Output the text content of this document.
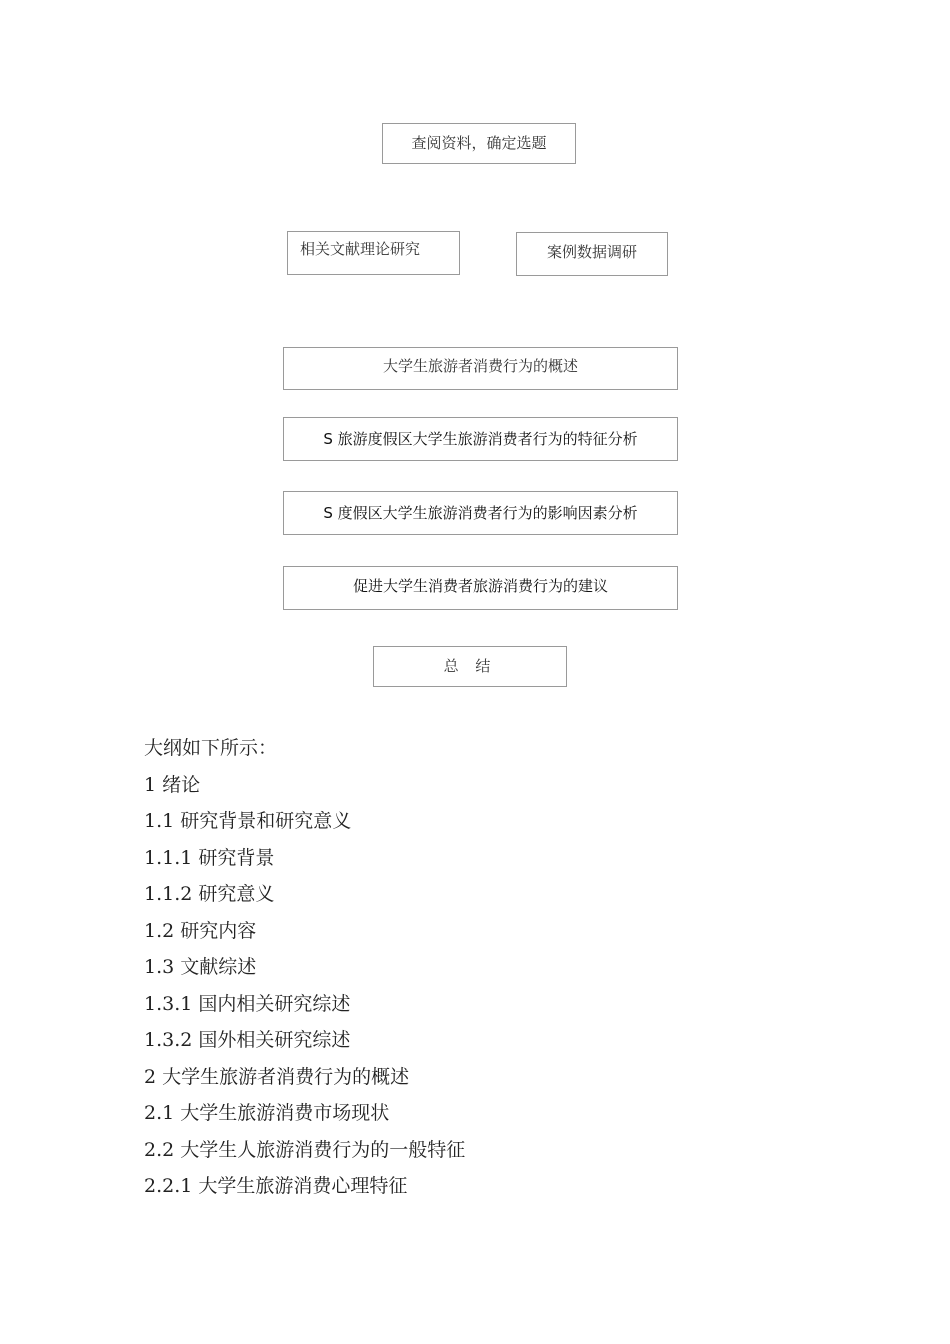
查阅资料，确定选题
相关文献理论研究	案例数据调研
大学生旅游者消费行为的概述
S 旅游度假区大学生旅游消费者行为的特征分析
S 度假区大学生旅游消费者行为的影响因素分析
促进大学生消费者旅游消费行为的建议
总 结
大纲如下所示：
1 绪论
1.1 研究背景和研究意义
1.1.1 研究背景
1.1.2 研究意义
1.2 研究内容
1.3 文献综述
1.3.1 国内相关研究综述
1.3.2 国外相关研究综述
2 大学生旅游者消费行为的概述
2.1 大学生旅游消费市场现状
2.2 大学生人旅游消费行为的一般特征
2.2.1 大学生旅游消费心理特征
